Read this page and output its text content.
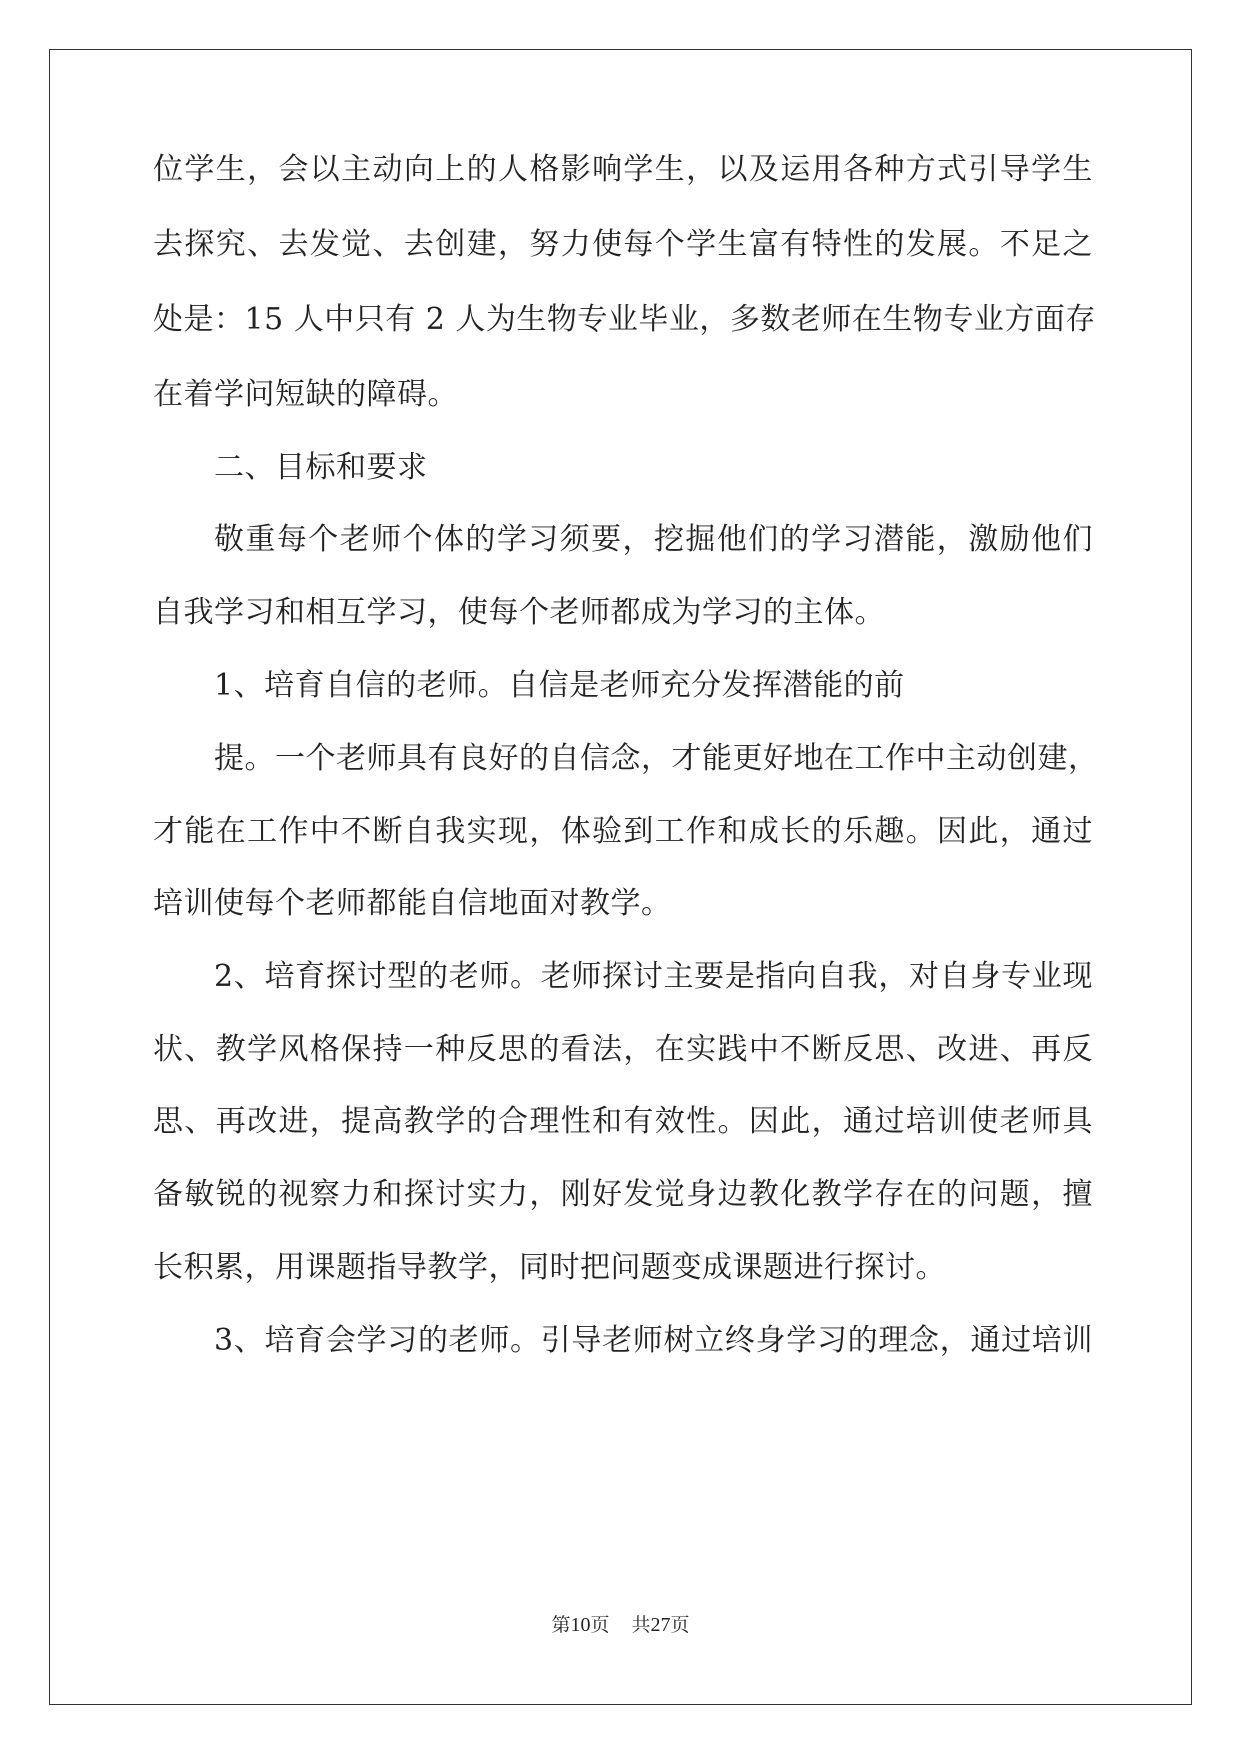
位学生，会以主动向上的人格影响学生，以及运用各种方式引导学生
去探究、去发觉、去创建，努力使每个学生富有特性的发展。不足之
处是：15 人中只有 2 人为生物专业毕业，多数老师在生物专业方面存
在着学问短缺的障碍。
二、目标和要求
敬重每个老师个体的学习须要，挖掘他们的学习潜能，激励他们
自我学习和相互学习，使每个老师都成为学习的主体。
1、培育自信的老师。自信是老师充分发挥潜能的前
提。一个老师具有良好的自信念，才能更好地在工作中主动创建，
才能在工作中不断自我实现，体验到工作和成长的乐趣。因此，通过
培训使每个老师都能自信地面对教学。
2、培育探讨型的老师。老师探讨主要是指向自我，对自身专业现
状、教学风格保持一种反思的看法，在实践中不断反思、改进、再反
思、再改进，提高教学的合理性和有效性。因此，通过培训使老师具
备敏锐的视察力和探讨实力，刚好发觉身边教化教学存在的问题，擅
长积累，用课题指导教学，同时把问题变成课题进行探讨。
3、培育会学习的老师。引导老师树立终身学习的理念，通过培训
第10页 共27页
